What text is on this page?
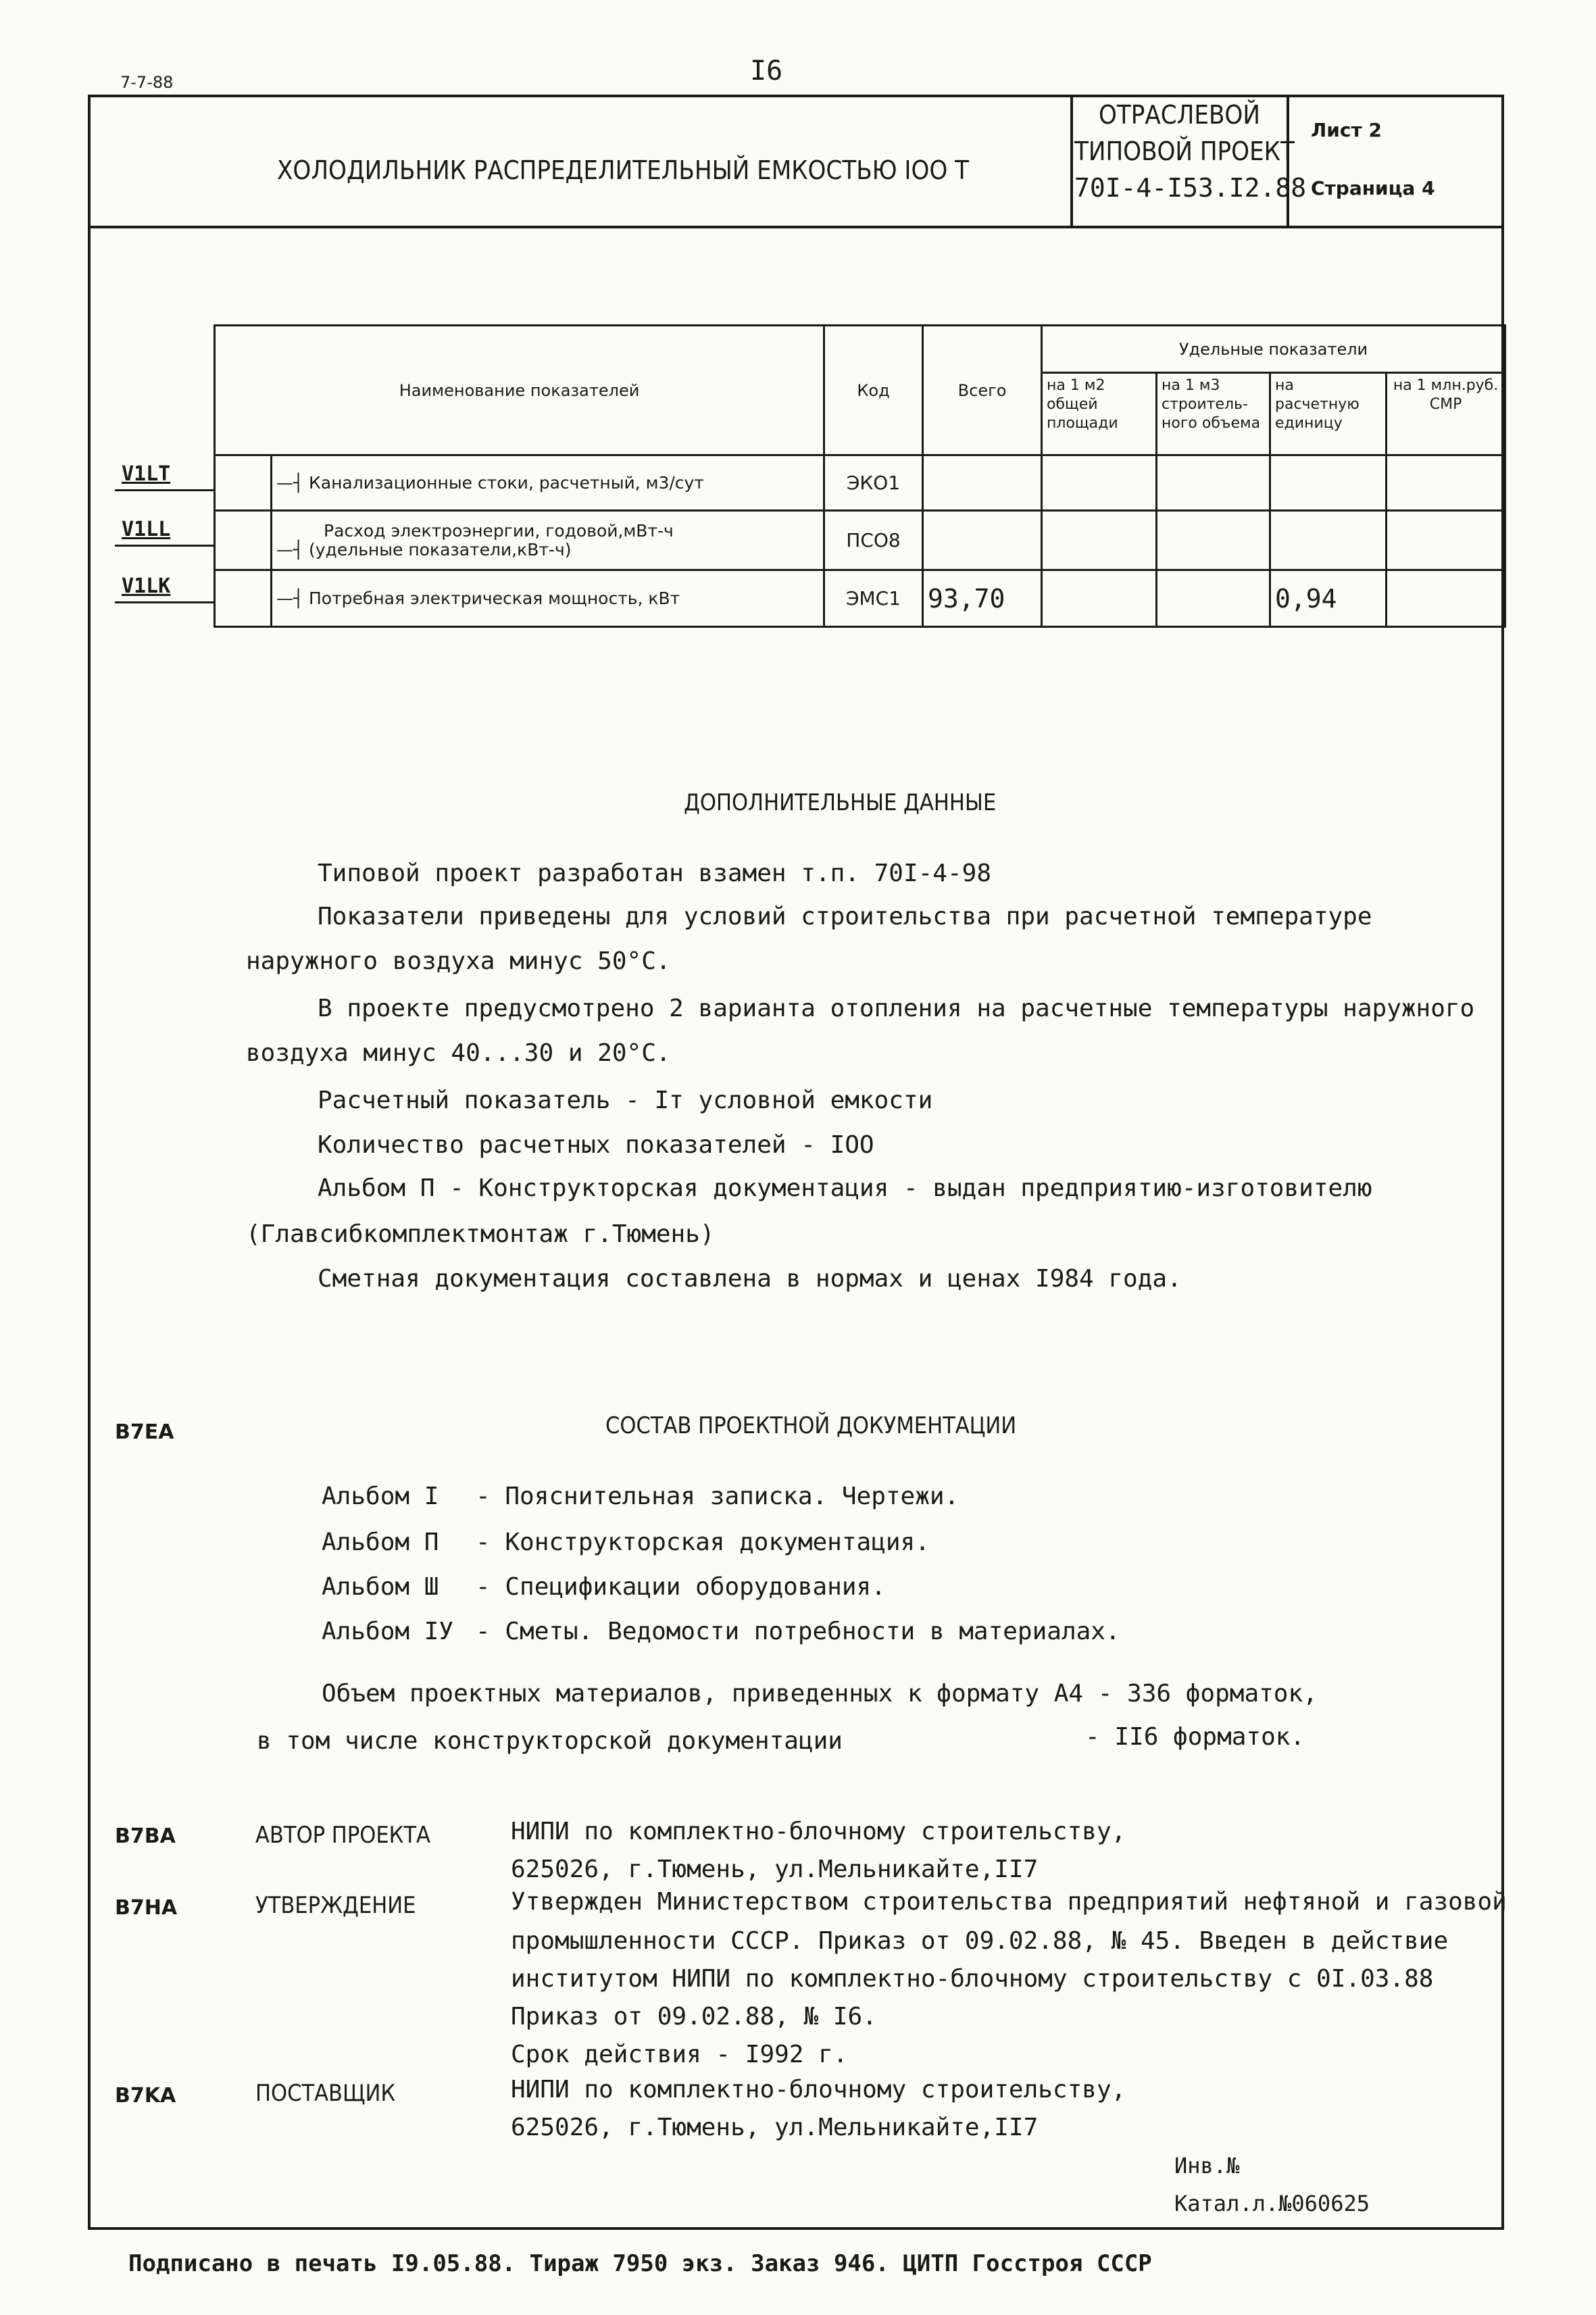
7-7-88	I6
ХОЛОДИЛЬНИК РАСПРЕДЕЛИТЕЛЬНЫЙ ЕМКОСТЬЮ IOO Т
ОТРАСЛЕВОЙ
ТИПОВОЙ ПРОЕКТ
70I-4-I53.I2.88
Лист 2
Страница 4
Наименование показателей		Код	Всего	Удельные показатели			
				на 1 м2 общей площади	на 1 м3 строитель- ного объема	на расчетную единицу	на 1 млн.руб. СМР
	—┤ Канализационные стоки, расчетный, м3/сут	ЭКО1					

	Расход электроэнергии, годовой,мВт-ч
—┤ (удельные показатели,кВт-ч)	ПСО8					
	—┤ Потребная электрическая мощность, кВт	ЭМС1	93,70			0,94	
V1LT
V1LL
V1LK
ДОПОЛНИТЕЛЬНЫЕ ДАННЫЕ
Типовой проект разработан взамен т.п. 70I-4-98
Показатели приведены для условий строительства при расчетной температуре
наружного воздуха минус 50°С.
В проекте предусмотрено 2 варианта отопления на расчетные температуры наружного
воздуха минус 40...30 и 20°С.
Расчетный показатель - Iт условной емкости
Количество расчетных показателей - IOO
Альбом П - Конструкторская документация - выдан предприятию-изготовителю
(Главсибкомплектмонтаж г.Тюмень)
Сметная документация составлена в нормах и ценах I984 года.
B7EA	СОСТАВ ПРОЕКТНОЙ ДОКУМЕНТАЦИИ
Альбом I - Пояснительная записка. Чертежи.
Альбом П - Конструкторская документация.
Альбом Ш - Спецификации оборудования.
Альбом IУ - Сметы. Ведомости потребности в материалах.
Объем проектных материалов, приведенных к формату А4 - 336 форматок,
в том числе конструкторской документации	- II6 форматок.
B7BA	АВТОР ПРОЕКТА	НИПИ по комплектно-блочному строительству,
625026, г.Тюмень, ул.Мельникайте,II7
B7HA	УТВЕРЖДЕНИЕ	Утвержден Министерством строительства предприятий нефтяной и газовой
промышленности СССР. Приказ от 09.02.88, № 45. Введен в действие
институтом НИПИ по комплектно-блочному строительству с 0I.03.88
Приказ от 09.02.88, № I6.
Срок действия - I992 г.
B7KA	ПОСТАВЩИК	НИПИ по комплектно-блочному строительству,
625026, г.Тюмень, ул.Мельникайте,II7
Инв.№
Катал.л.№060625
Подписано в печать I9.05.88. Тираж 7950 экз. Заказ 946. ЦИТП Госстроя СССР
